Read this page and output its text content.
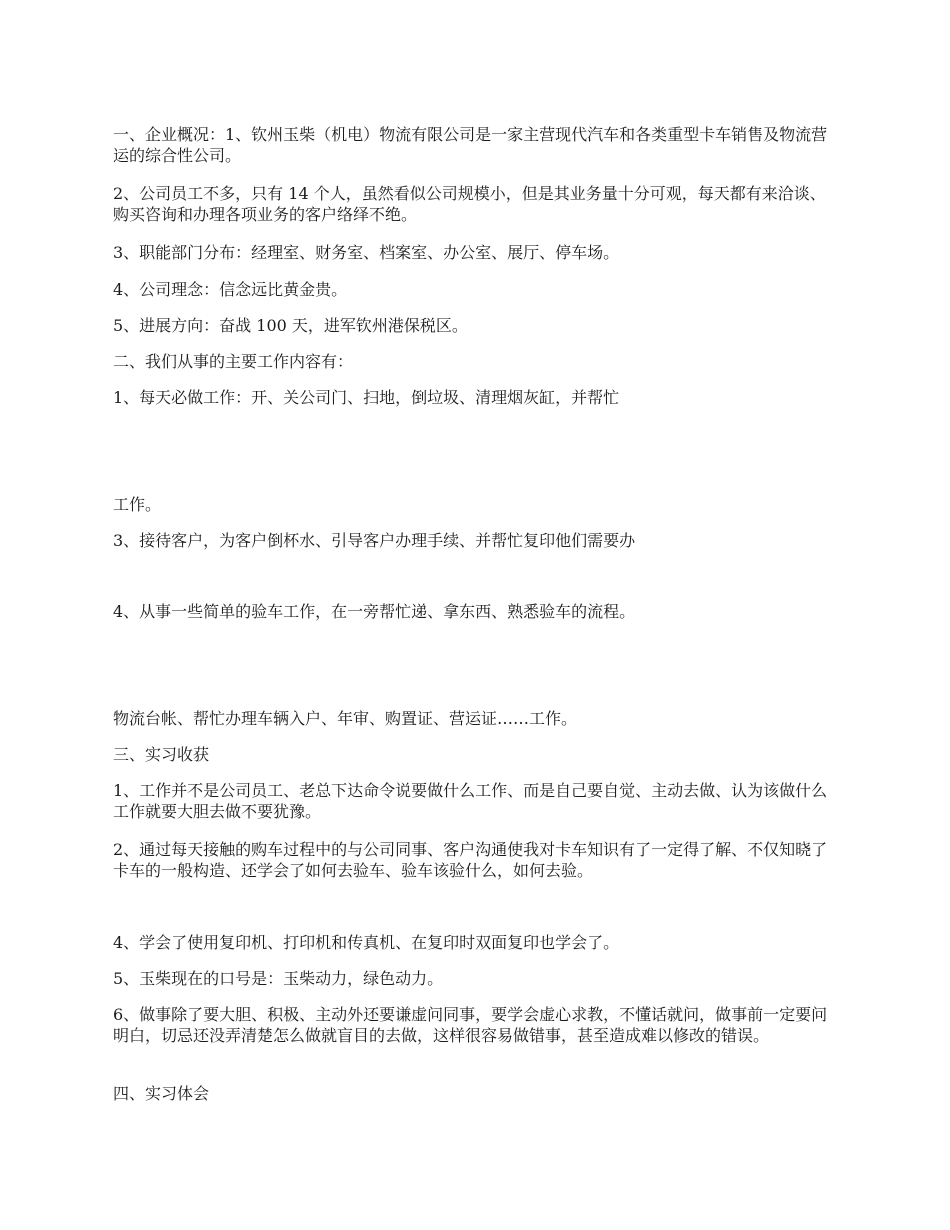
一、企业概况：1、钦州玉柴（机电）物流有限公司是一家主营现代汽车和各类重型卡车销售及物流营运的综合性公司。

2、公司员工不多，只有 14 个人，虽然看似公司规模小，但是其业务量十分可观，每天都有来洽谈、购买咨询和办理各项业务的客户络绎不绝。

3、职能部门分布：经理室、财务室、档案室、办公室、展厅、停车场。

4、公司理念：信念远比黄金贵。

5、进展方向：奋战 100 天，进军钦州港保税区。

二、我们从事的主要工作内容有：

1、每天必做工作：开、关公司门、扫地，倒垃圾、清理烟灰缸，并帮忙

工作。

3、接待客户，为客户倒杯水、引导客户办理手续、并帮忙复印他们需要办

4、从事一些简单的验车工作，在一旁帮忙递、拿东西、熟悉验车的流程。

物流台帐、帮忙办理车辆入户、年审、购置证、营运证……工作。

三、实习收获

1、工作并不是公司员工、老总下达命令说要做什么工作、而是自己要自觉、主动去做、认为该做什么工作就要大胆去做不要犹豫。

2、通过每天接触的购车过程中的与公司同事、客户沟通使我对卡车知识有了一定得了解、不仅知晓了卡车的一般构造、还学会了如何去验车、验车该验什么，如何去验。

4、学会了使用复印机、打印机和传真机、在复印时双面复印也学会了。

5、玉柴现在的口号是：玉柴动力，绿色动力。

6、做事除了要大胆、积极、主动外还要谦虚问同事，要学会虚心求教，不懂话就问，做事前一定要问明白，切忌还没弄清楚怎么做就盲目的去做，这样很容易做错事，甚至造成难以修改的错误。

四、实习体会
